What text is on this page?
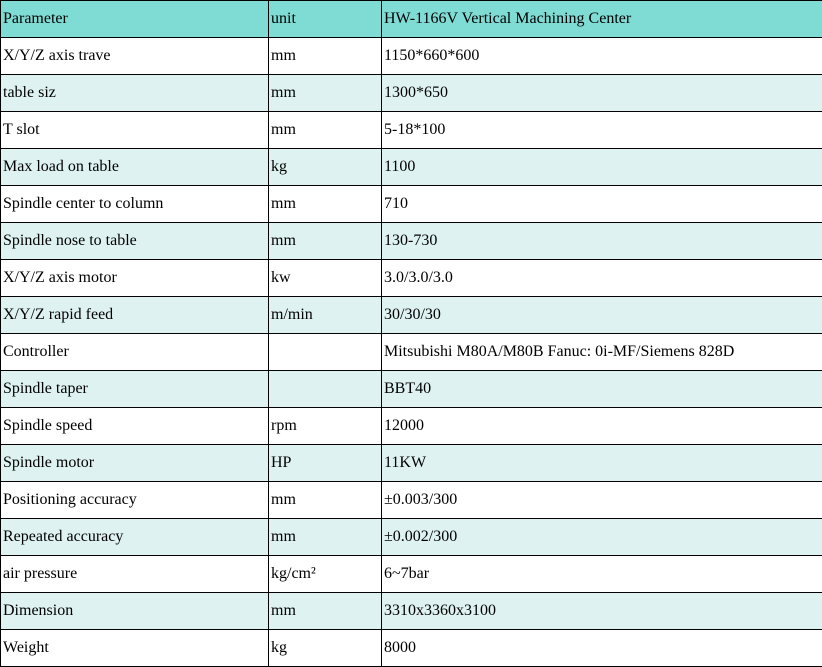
Parameter	unit	HW-1166V Vertical Machining Center
X/Y/Z axis trave	mm	1150*660*600
table siz	mm	1300*650
T slot	mm	5-18*100
Max load on table	kg	1100
Spindle center to column	mm	710
Spindle nose to table	mm	130-730
X/Y/Z axis motor	kw	3.0/3.0/3.0
X/Y/Z rapid feed	m/min	30/30/30
Controller		Mitsubishi M80A/M80B Fanuc: 0i-MF/Siemens 828D
Spindle taper		BBT40
Spindle speed	rpm	12000
Spindle motor	HP	11KW
Positioning accuracy	mm	±0.003/300
Repeated accuracy	mm	±0.002/300
air pressure	kg/cm²	6~7bar
Dimension	mm	3310x3360x3100
Weight	kg	8000
